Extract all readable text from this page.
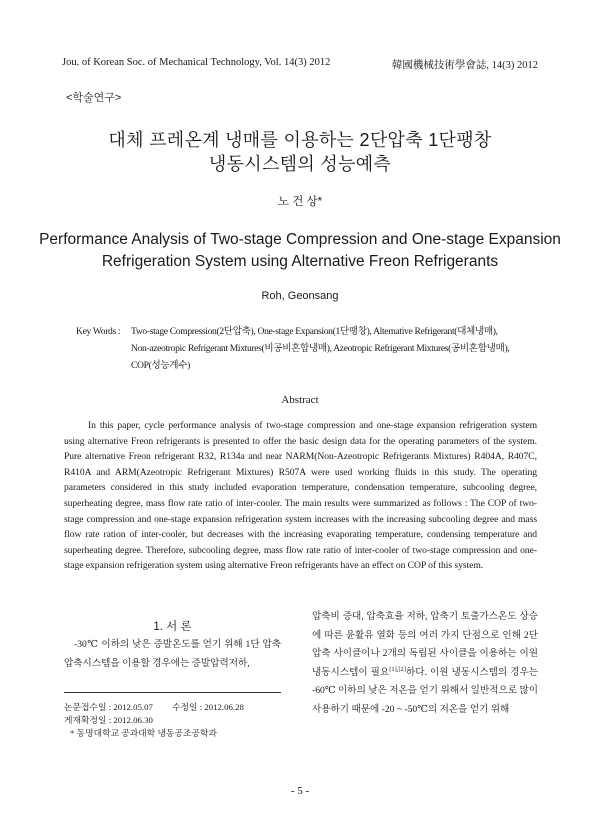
Jou. of Korean Soc. of Mechanical Technology, Vol. 14(3) 2012	韓國機械技術學會誌, 14(3) 2012
<학술연구>
대체 프레온계 냉매를 이용하는 2단압축 1단팽창
냉동시스템의 성능예측
노 건 상*
Performance Analysis of Two-stage Compression and One-stage Expansion
Refrigeration System using Alternative Freon Refrigerants
Roh, Geonsang
Key Words : Two-stage Compression(2단압축), One-stage Expansion(1단팽창), Alternative Refrigerant(대체냉매),
Non-azeotropic Refrigerant Mixtures(비공비혼합냉매), Azeotropic Refrigerant Mixtures(공비혼합냉매),
COP(성능계수)
Abstract
In this paper, cycle performance analysis of two-stage compression and one-stage expansion refrigeration system using alternative Freon refrigerants is presented to offer the basic design data for the operating parameters of the system. Pure alternative Freon refrigerant R32, R134a and near NARM(Non-Azeotropic Refrigerants Mixtures) R404A, R407C, R410A and ARM(Azeotropic Refrigerant Mixtures) R507A were used working fluids in this study. The operating parameters considered in this study included evaporation temperature, condensation temperature, subcooling degree, superheating degree, mass flow rate ratio of inter-cooler. The main results were summarized as follows : The COP of two-stage compression and one-stage expansion refrigeration system increases with the increasing subcooling degree and mass flow rate ration of inter-cooler, but decreases with the increasing evaporating temperature, condensing temperature and superheating degree. Therefore, subcooling degree, mass flow rate ratio of inter-cooler of two-stage compression and one-stage expansion refrigeration system using alternative Freon refrigerants have an effect on COP of this system.
1. 서 론
-30℃ 이하의 낮은 증발온도를 얻기 위해 1단 압축압축시스템을 이용할 경우에는 증발압력저하,
논문접수일 : 2012.05.07 수정일 : 2012.06.28
게재확정일 : 2012.06.30
* 동명대학교 공과대학 냉동공조공학과
압축비 증대, 압축효율 저하, 압축기 토출가스온도 상승에 따른 윤활유 열화 등의 여러 가지 단점으로 인해 2단 압축 사이클이나 2개의 독립된 사이클을 이용하는 이원 냉동시스템이 필요[1],[2]하다. 이원 냉동시스템의 경우는 -60℃ 이하의 낮은 저온을 얻기 위해서 일반적으로 많이 사용하기 때문에 -20 ~ -50℃의 저온을 얻기 위해
- 5 -
